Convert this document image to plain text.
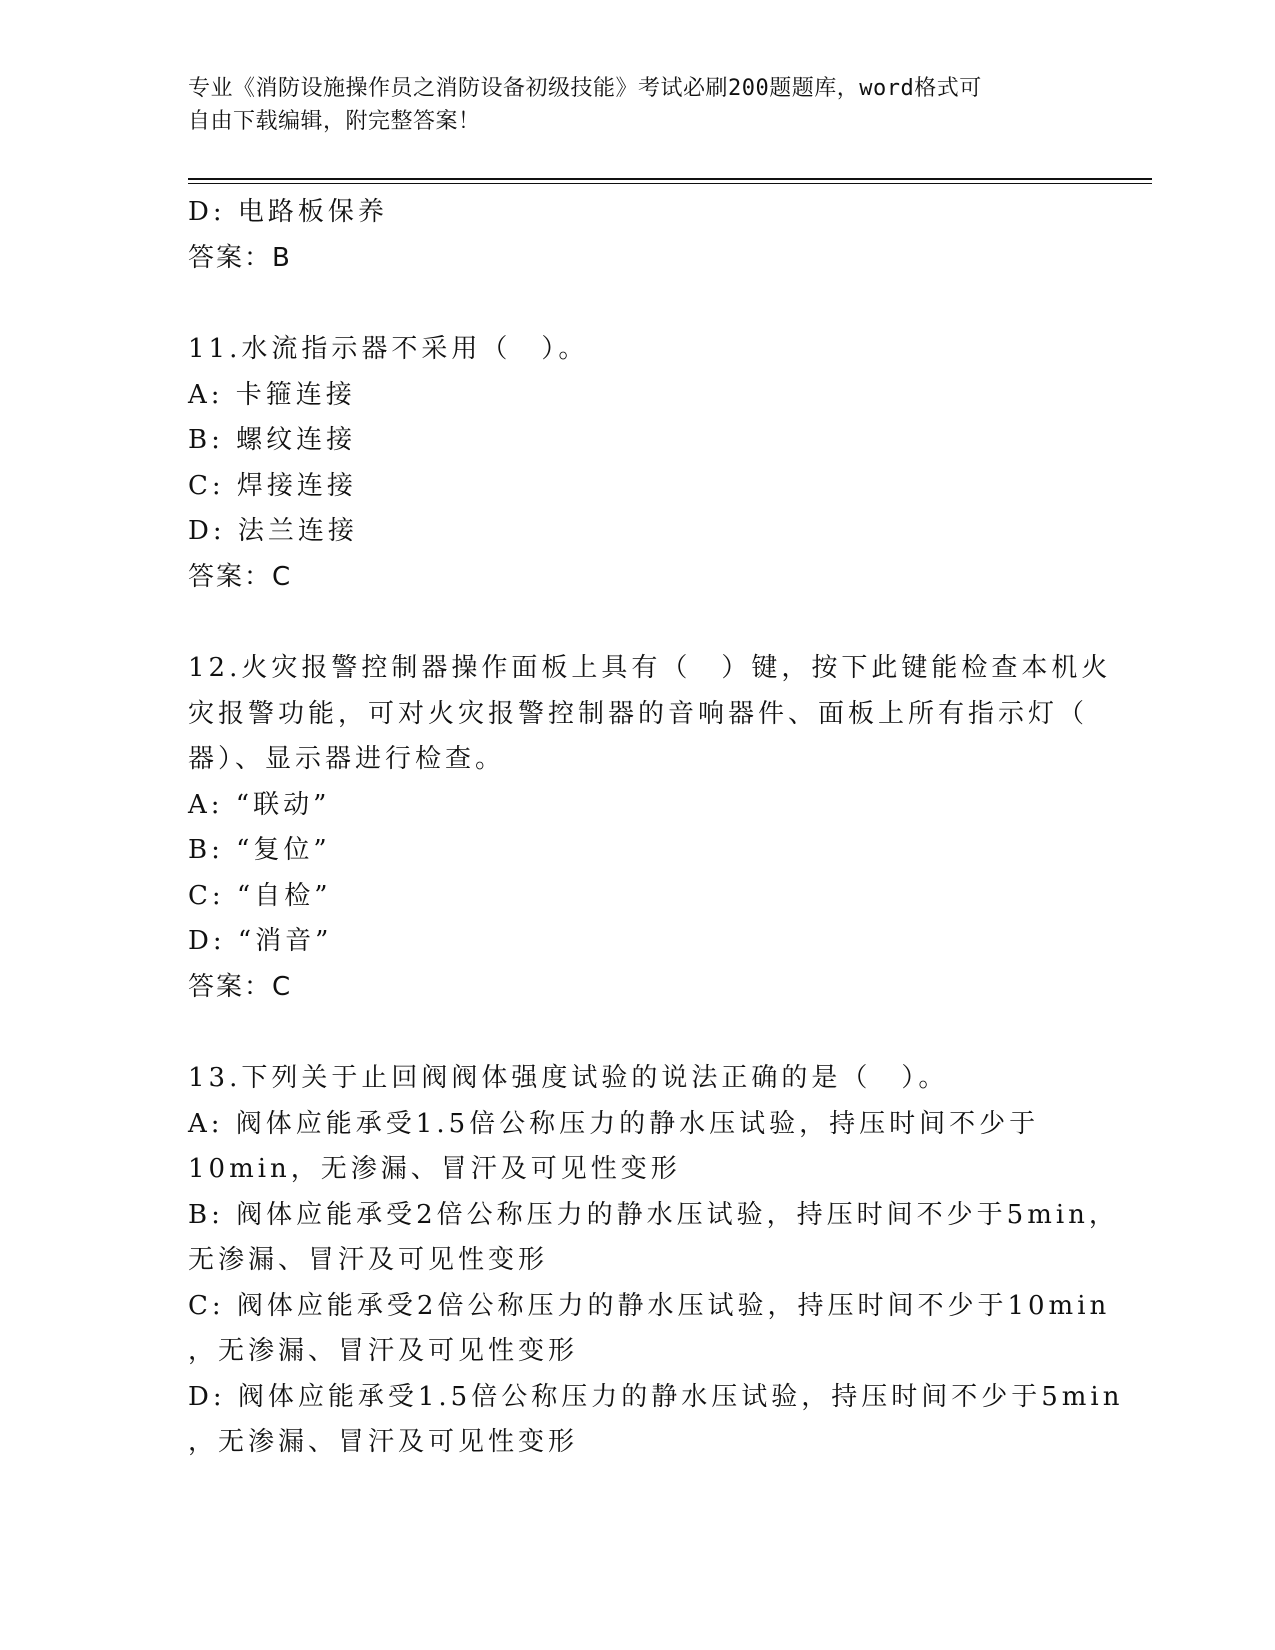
专业《消防设施操作员之消防设备初级技能》考试必刷200题题库，word格式可

自由下载编辑，附完整答案！

D: 电路板保养

答案：B

11.水流指示器不采用（　）。

A: 卡箍连接

B: 螺纹连接

C: 焊接连接

D: 法兰连接

答案：C

12.火灾报警控制器操作面板上具有（　）键，按下此键能检查本机火

灾报警功能，可对火灾报警控制器的音响器件、面板上所有指示灯（

器）、显示器进行检查。

A: “联动”

B: “复位”

C: “自检”

D: “消音”

答案：C

13.下列关于止回阀阀体强度试验的说法正确的是（　）。

A: 阀体应能承受1.5倍公称压力的静水压试验，持压时间不少于

10min，无渗漏、冒汗及可见性变形

B: 阀体应能承受2倍公称压力的静水压试验，持压时间不少于5min，

无渗漏、冒汗及可见性变形

C: 阀体应能承受2倍公称压力的静水压试验，持压时间不少于10min

，无渗漏、冒汗及可见性变形

D: 阀体应能承受1.5倍公称压力的静水压试验，持压时间不少于5min

，无渗漏、冒汗及可见性变形
